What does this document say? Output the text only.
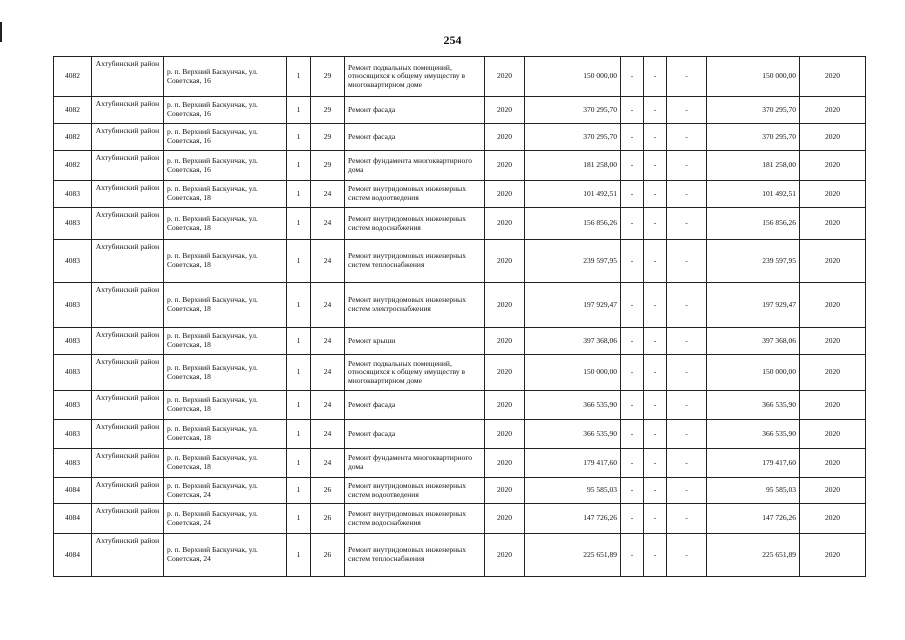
254
4082	Ахтубинский район	р. п. Верхний Баскунчак, ул. Советская, 16	1	29	Ремонт подвальных помещений, относящихся к общему имуществу в многоквартирном доме	2020	150 000,00	-	-	-	150 000,00	2020
4082	Ахтубинский район	р. п. Верхний Баскунчак, ул. Советская, 16	1	29	Ремонт фасада	2020	370 295,70	-	-	-	370 295,70	2020
4082	Ахтубинский район	р. п. Верхний Баскунчак, ул. Советская, 16	1	29	Ремонт фасада	2020	370 295,70	-	-	-	370 295,70	2020
4082	Ахтубинский район	р. п. Верхний Баскунчак, ул. Советская, 16	1	29	Ремонт фундамента многоквартирного дома	2020	181 258,00	-	-	-	181 258,00	2020
4083	Ахтубинский район	р. п. Верхний Баскунчак, ул. Советская, 18	1	24	Ремонт внутридомовых инженерных систем водоотведения	2020	101 492,51	-	-	-	101 492,51	2020
4083	Ахтубинский район	р. п. Верхний Баскунчак, ул. Советская, 18	1	24	Ремонт внутридомовых инженерных систем водоснабжения	2020	156 856,26	-	-	-	156 856,26	2020
4083	Ахтубинский район	р. п. Верхний Баскунчак, ул. Советская, 18	1	24	Ремонт внутридомовых инженерных систем теплоснабжения	2020	239 597,95	-	-	-	239 597,95	2020
4083	Ахтубинский район	р. п. Верхний Баскунчак, ул. Советская, 18	1	24	Ремонт внутридомовых инженерных систем электроснабжения	2020	197 929,47	-	-	-	197 929,47	2020
4083	Ахтубинский район	р. п. Верхний Баскунчак, ул. Советская, 18	1	24	Ремонт крыши	2020	397 368,06	-	-	-	397 368,06	2020
4083	Ахтубинский район	р. п. Верхний Баскунчак, ул. Советская, 18	1	24	Ремонт подвальных помещений, относящихся к общему имуществу в многоквартирном доме	2020	150 000,00	-	-	-	150 000,00	2020
4083	Ахтубинский район	р. п. Верхний Баскунчак, ул. Советская, 18	1	24	Ремонт фасада	2020	366 535,90	-	-	-	366 535,90	2020
4083	Ахтубинский район	р. п. Верхний Баскунчак, ул. Советская, 18	1	24	Ремонт фасада	2020	366 535,90	-	-	-	366 535,90	2020
4083	Ахтубинский район	р. п. Верхний Баскунчак, ул. Советская, 18	1	24	Ремонт фундамента многоквартирного дома	2020	179 417,60	-	-	-	179 417,60	2020
4084	Ахтубинский район	р. п. Верхний Баскунчак, ул. Советская, 24	1	26	Ремонт внутридомовых инженерных систем водоотведения	2020	95 585,03	-	-	-	95 585,03	2020
4084	Ахтубинский район	р. п. Верхний Баскунчак, ул. Советская, 24	1	26	Ремонт внутридомовых инженерных систем водоснабжения	2020	147 726,26	-	-	-	147 726,26	2020
4084	Ахтубинский район	р. п. Верхний Баскунчак, ул. Советская, 24	1	26	Ремонт внутридомовых инженерных систем теплоснабжения	2020	225 651,89	-	-	-	225 651,89	2020
